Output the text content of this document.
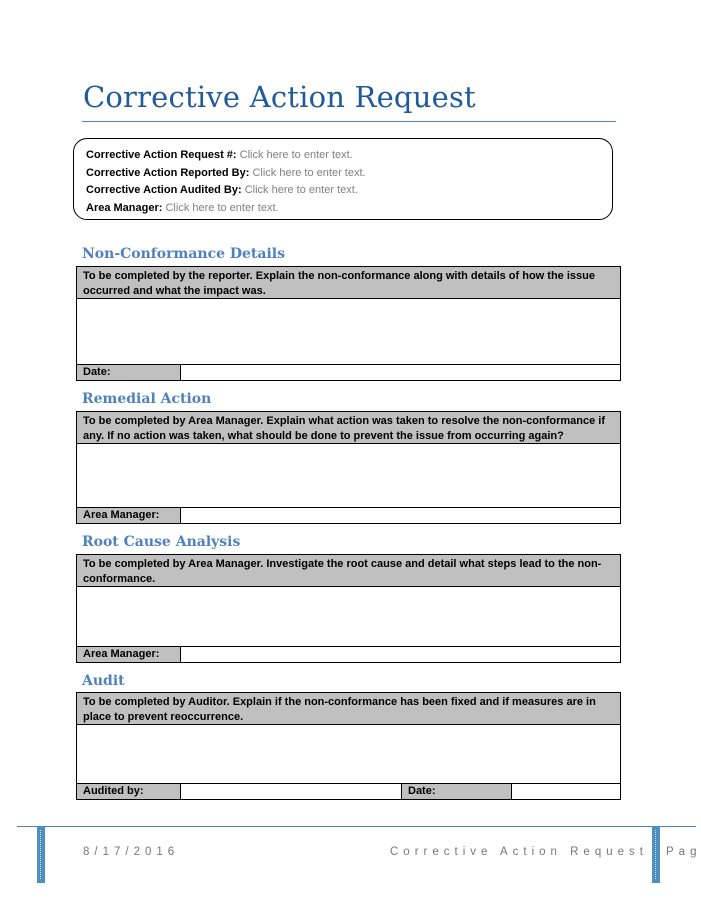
Corrective Action Request
Corrective Action Request #: Click here to enter text.
Corrective Action Reported By: Click here to enter text.
Corrective Action Audited By: Click here to enter text.
Area Manager: Click here to enter text.
Non-Conformance Details
To be completed by the reporter. Explain the non-conformance along with details of how the issue occurred and what the impact was.
Date:
Remedial Action
To be completed by Area Manager. Explain what action was taken to resolve the non-conformance if any. If no action was taken, what should be done to prevent the issue from occurring again?
Area Manager:
Root Cause Analysis
To be completed by Area Manager. Investigate the root cause and detail what steps lead to the non-conformance.
Area Manager:
Audit
To be completed by Auditor. Explain if the non-conformance has been fixed and if measures are in place to prevent reoccurrence.
Audited by:	Date:
8/17/2016	Corrective Action Request Pag
